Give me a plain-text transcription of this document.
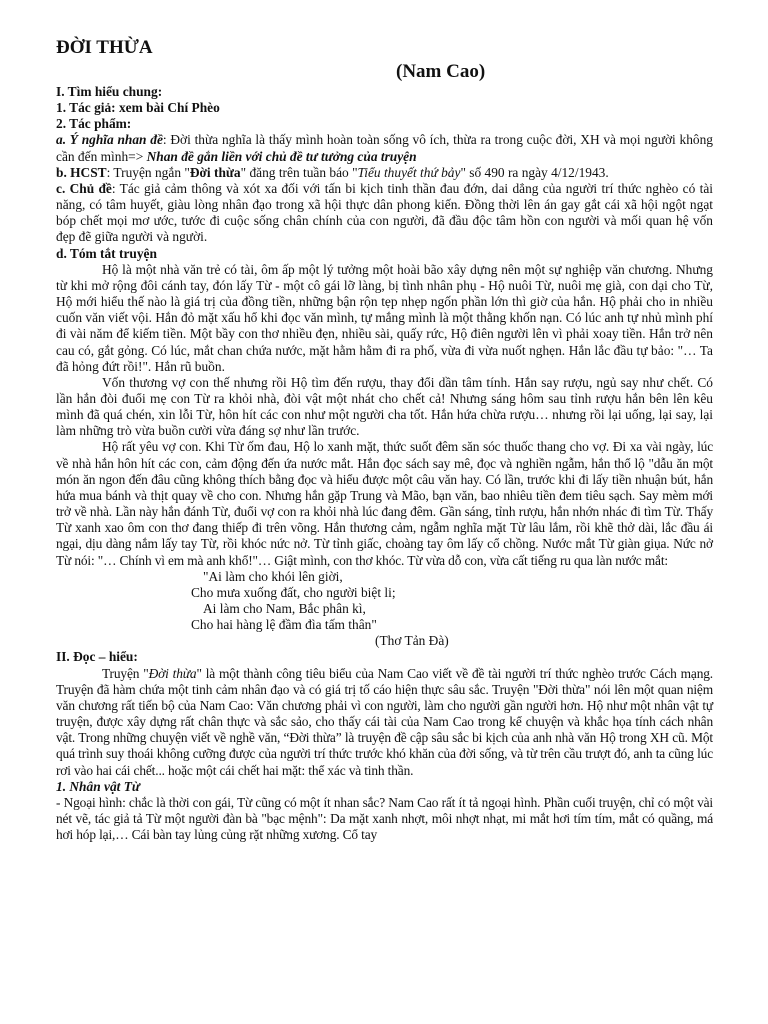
ĐỜI THỪA

(Nam Cao)

I. Tìm hiểu chung:

1. Tác giả: xem bài Chí Phèo

2. Tác phẩm:

a. Ý nghĩa nhan đề: Đời thừa nghĩa là thấy mình hoàn toàn sống vô ích, thừa ra trong cuộc đời, XH và mọi người không cần đến mình=> Nhan đề gắn liền với chủ đề tư tưởng của truyện

b. HCST: Truyện ngắn "Đời thừa" đăng trên tuần báo "Tiểu thuyết thứ bảy" số 490 ra ngày 4/12/1943.

c. Chủ đề: Tác giả cảm thông và xót xa đối với tấn bi kịch tinh thần đau đớn, dai dẳng của người trí thức nghèo có tài năng, có tâm huyết, giàu lòng nhân đạo trong xã hội thực dân phong kiến. Đồng thời lên án gay gắt cái xã hội ngột ngạt bóp chết mọi mơ ước, tước đi cuộc sống chân chính của con người, đã đầu độc tâm hồn con người và mối quan hệ vốn đẹp đẽ giữa người và người.

d. Tóm tắt truyện

Hộ là một nhà văn trẻ có tài, ôm ấp một lý tưởng một hoài bão xây dựng nên một sự nghiệp văn chương. Nhưng từ khi mở rộng đôi cánh tay, đón lấy Từ - một cô gái lỡ làng, bị tình nhân phụ - Hộ nuôi Từ, nuôi mẹ già, con dại cho Từ, Hộ mới hiểu thế nào là giá trị của đồng tiền, những bận rộn tẹp nhẹp ngốn phần lớn thì giờ của hắn. Hộ phải cho in nhiều cuốn văn viết vội. Hắn đỏ mặt xấu hổ khi đọc văn mình, tự mắng mình là một thằng khốn nạn. Có lúc anh tự nhủ mình phí đi vài năm để kiếm tiền. Một bầy con thơ nhiều đẹn, nhiều sài, quấy rức, Hộ điên người lên vì phải xoay tiền. Hắn trở nên cau có, gắt gỏng. Có lúc, mắt chan chứa nước, mặt hằm hằm đi ra phố, vừa đi vừa nuốt nghẹn. Hắn lắc đầu tự bảo: "… Ta đã hỏng đứt rồi!". Hắn rũ buồn.

Vốn thương vợ con thế nhưng rồi Hộ tìm đến rượu, thay đổi dần tâm tính. Hắn say rượu, ngủ say như chết. Có lần hắn đòi đuổi mẹ con Từ ra khỏi nhà, đòi vật một nhát cho chết cả! Nhưng sáng hôm sau tỉnh rượu hắn bên lên kêu mình đã quá chén, xin lỗi Từ, hôn hít các con như một người cha tốt. Hắn hứa chừa rượu… nhưng rồi lại uống, lại say, lại làm những trò vừa buồn cười vừa đáng sợ như lần trước.

Hộ rất yêu vợ con. Khi Từ ốm đau, Hộ lo xanh mặt, thức suốt đêm săn sóc thuốc thang cho vợ. Đi xa vài ngày, lúc về nhà hắn hôn hít các con, cảm động đến ứa nước mắt. Hắn đọc sách say mê, đọc và nghiền ngẫm, hắn thổ lộ "dẫu ăn một món ăn ngon đến đâu cũng không thích bằng đọc và hiểu được một câu văn hay. Có lần, trước khi đi lấy tiền nhuận bút, hắn hứa mua bánh và thịt quay về cho con. Nhưng hắn gặp Trung và Mão, bạn văn, bao nhiêu tiền đem tiêu sạch. Say mèm mới trở về nhà. Lần này hắn đánh Từ, đuổi vợ con ra khỏi nhà lúc đang đêm. Gần sáng, tỉnh rượu, hắn nhớn nhác đi tìm Từ. Thấy Từ xanh xao ôm con thơ đang thiếp đi trên võng. Hắn thương cảm, ngẫm nghĩa mặt Từ lâu lắm, rồi khẽ thở dài, lắc đầu ái ngại, dịu dàng nắm lấy tay Từ, rồi khóc nức nở. Từ tỉnh giấc, choàng tay ôm lấy cổ chồng. Nước mắt Từ giàn giụa. Nức nở Từ nói: "… Chính vì em mà anh khổ!"… Giật mình, con thơ khóc. Từ vừa dỗ con, vừa cất tiếng ru qua làn nước mắt:

"Ai làm cho khói lên giời,

Cho mưa xuống đất, cho người biệt li;

Ai làm cho Nam, Bắc phân kì,

Cho hai hàng lệ đầm đìa tấm thân"

(Thơ Tản Đà)

II. Đọc – hiểu:

Truyện "Đời thừa" là một thành công tiêu biểu của Nam Cao viết về đề tài người trí thức nghèo trước Cách mạng. Truyện đã hàm chứa một tinh cảm nhân đạo và có giá trị tố cáo hiện thực sâu sắc. Truyện "Đời thừa" nói lên một quan niệm văn chương rất tiến bộ của Nam Cao: Văn chương phải vì con người, làm cho người gần người hơn. Hộ như một nhân vật tự truyện, được xây dựng rất chân thực và sắc sảo, cho thấy cái tài của Nam Cao trong kể chuyện và khắc họa tính cách nhân vật. Trong những chuyện viết về nghề văn, “Đời thừa” là truyện đề cập sâu sắc bi kịch của anh nhà văn Hộ trong XH cũ. Một quá trình suy thoái không cưỡng được của người trí thức trước khó khăn của đời sống, và từ trên cầu trượt đó, anh ta cũng lúc rơi vào hai cái chết... hoặc một cái chết hai mặt: thể xác và tinh thần.

1. Nhân vật Từ

- Ngoại hình: chắc là thời con gái, Từ cũng có một ít nhan sắc? Nam Cao rất ít tả ngoại hình. Phần cuối truyện, chỉ có một vài nét vẽ, tác giả tả Từ một người đàn bà "bạc mệnh": Da mặt xanh nhợt, môi nhợt nhạt, mi mắt hơi tím tím, mắt có quầng, má hơi hóp lại,… Cái bàn tay lủng củng rặt những xương. Cổ tay
